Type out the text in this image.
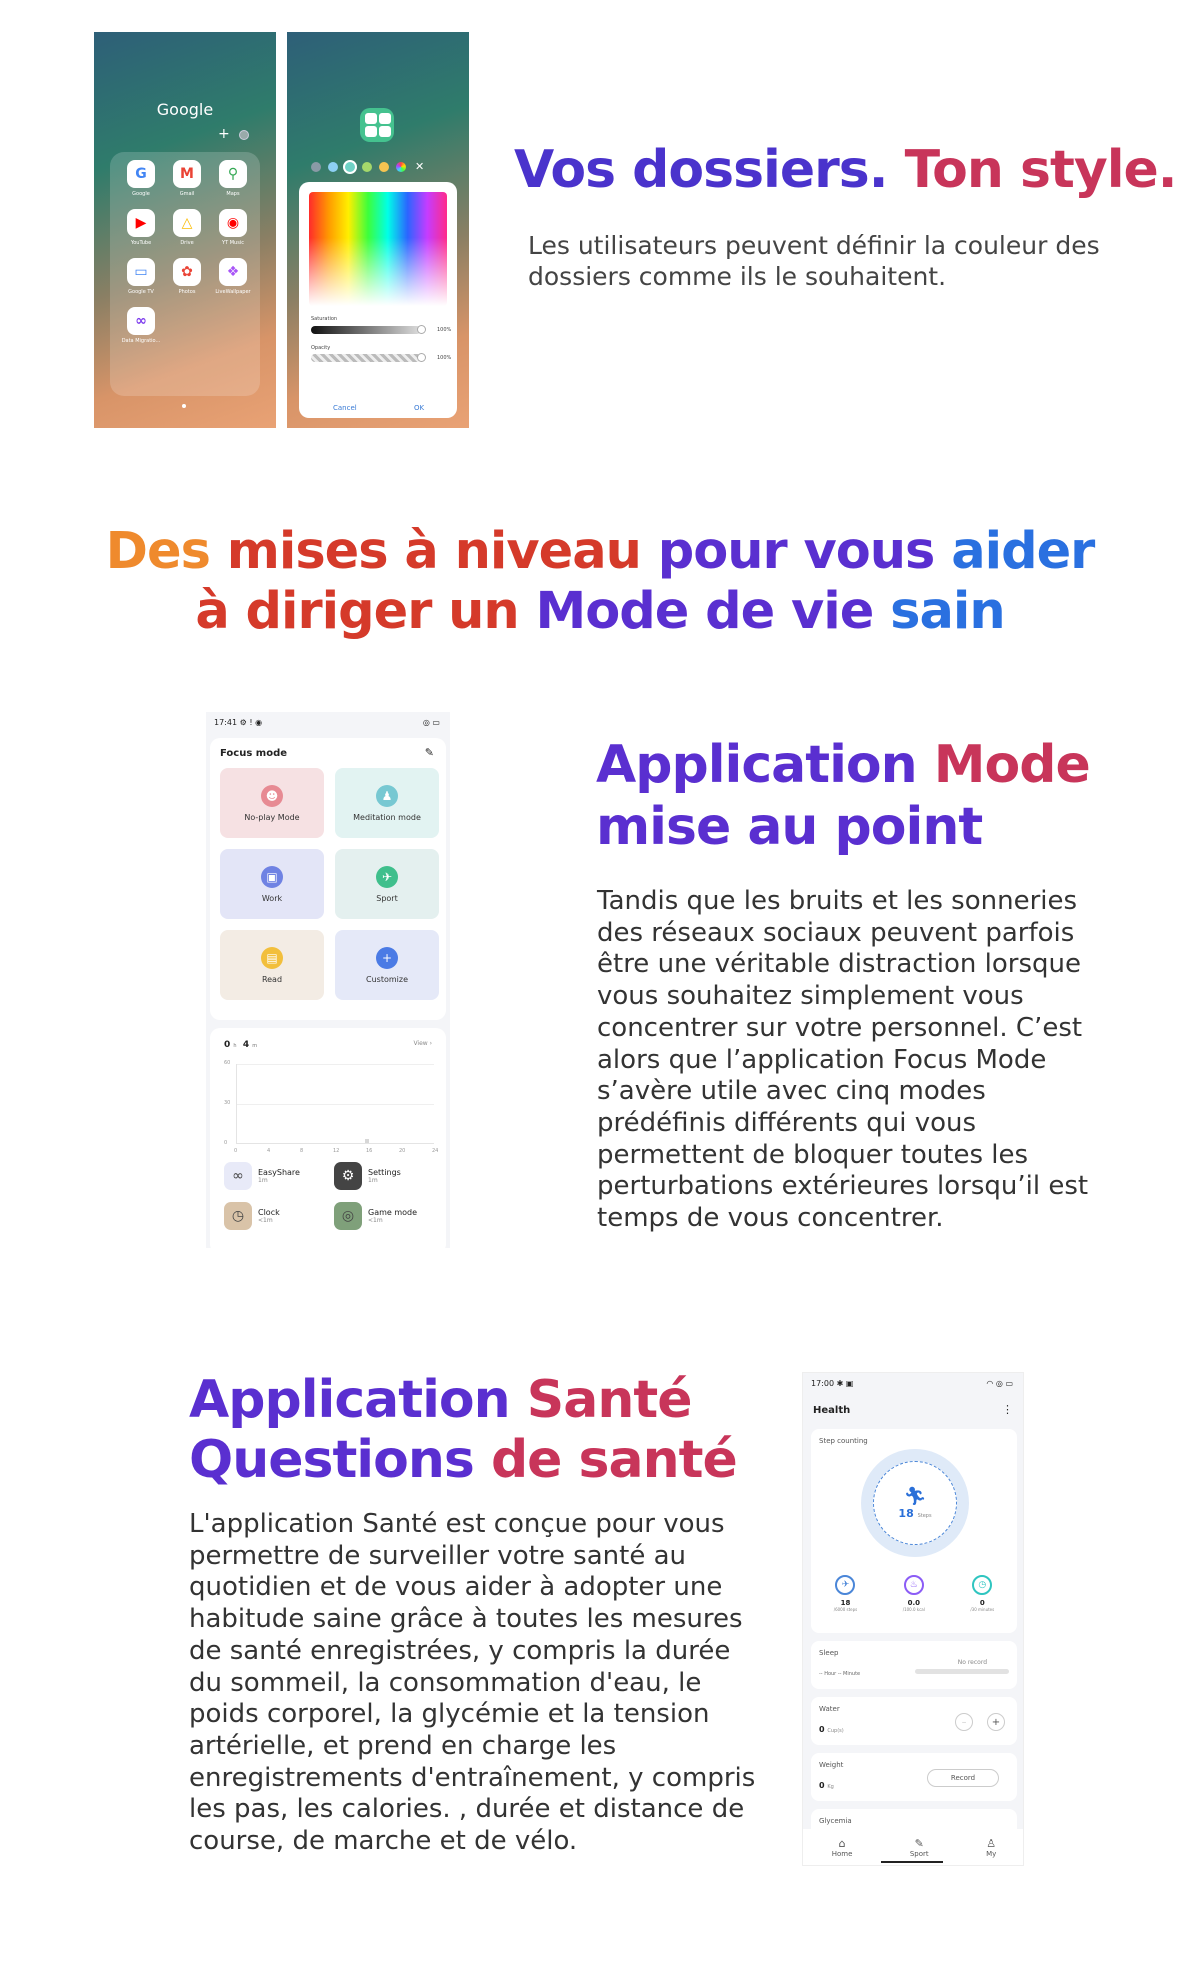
Google
+
G
Google
M
Gmail
⚲
Maps
▶
YouTube
△
Drive
◉
YT Music
▭
Google TV
✿
Photos
❖
LiveWallpaper
∞
Data Migratio...
✕
Saturation
100%
Opacity
100%
Cancel	OK
Vos dossiers. Ton style.

Les utilisateurs peuvent définir la couleur des dossiers comme ils le souhaitent.

Des mises à niveau pour vous aider
à diriger un Mode de vie sain
17:41 ⚙ ! ◉	◎ ▭
Focus mode	✎
☻
No-play Mode
♟
Meditation mode
▣
Work
✈
Sport
▤
Read
+
Customize
0 h 4 m	View ›
60
30
0
0	4	8	12	16	20	24
∞	EasyShare
1m	⚙	Settings
1m
◷	Clock
<1m	◎	Game mode
<1m
Application Mode
mise au point

Tandis que les bruits et les sonneries des réseaux sociaux peuvent parfois être une véritable distraction lorsque vous souhaitez simplement vous concentrer sur votre personnel. C’est alors que l’application Focus Mode s’avère utile avec cinq modes prédéfinis différents qui vous permettent de bloquer toutes les perturbations extérieures lorsqu’il est temps de vous concentrer.

Application Santé
Questions de santé

L'application Santé est conçue pour vous permettre de surveiller votre santé au quotidien et de vous aider à adopter une habitude saine grâce à toutes les mesures de santé enregistrées, y compris la durée du sommeil, la consommation d'eau, le poids corporel, la glycémie et la tension artérielle, et prend en charge les enregistrements d'entraînement, y compris les pas, les calories. , durée et distance de course, de marche et de vélo.

17:00 ✱ ▣	◠ ◎ ▭
Health	⋮
Step counting
🏃︎
18 Steps
✈
18
/6000 steps
♨
0.0
/100.0 kcal
◷
0
/30 minutes
Sleep
-- Hour -- Minute
No record
Water
0 Cup(s)
−	+
Weight
0 Kg
Record
Glycemia
⌂
Home
✎
Sport
♙
My
